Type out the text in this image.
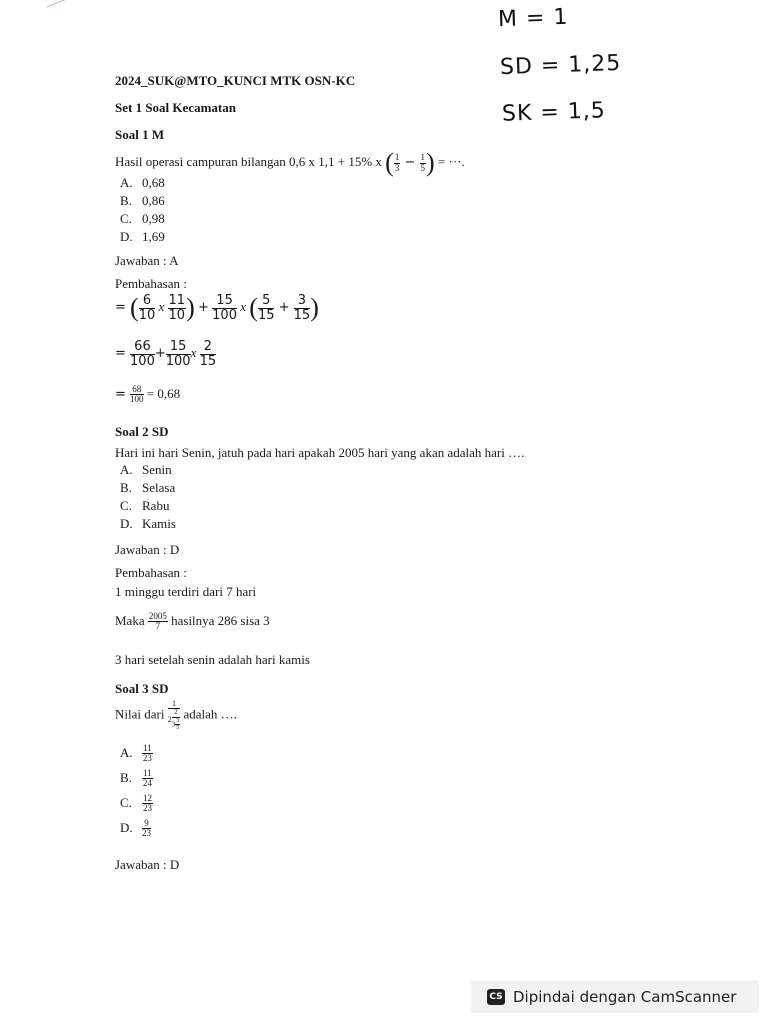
M = 1
SD = 1,25
SK = 1,5
2024_SUK@MTO_KUNCI MTK OSN-KC
Set 1 Soal Kecamatan
Soal 1 M
Hasil operasi campuran bilangan 0,6 x 1,1 + 15% x ( $\frac{1}{3} - \frac{1}{5}$ ) = ···.
A. 0,68
B. 0,86
C. 0,98
D. 1,69
Jawaban : A
Pembahasan :
= ( $\frac{6}{10}$ x $\frac{11}{10}$ ) + $\frac{15}{100}$ x ( $\frac{5}{15} + \frac{3}{15}$ )
= $\frac{66}{100} + \frac{15}{100}$ x $\frac{2}{15}$
= $\frac{68}{100} = 0,68$
Soal 2 SD
Hari ini hari Senin, jatuh pada hari apakah 2005 hari yang akan adalah hari ….
A. Senin
B. Selasa
C. Rabu
D. Kamis
Jawaban : D
Pembahasan :
1 minggu terdiri dari 7 hari
Maka $\frac{2005}{7}$ hasilnya 286 sisa 3
3 hari setelah senin adalah hari kamis
Soal 3 SD
Nilai dari $\frac{1}{2 \frac{2}{3 \frac{3}{5}}}$ adalah ….
A. $\frac{11}{23}$
B. $\frac{11}{24}$
C. $\frac{12}{23}$
D. $\frac{9}{23}$
Jawaban : D
CS Dipindai dengan CamScanner
